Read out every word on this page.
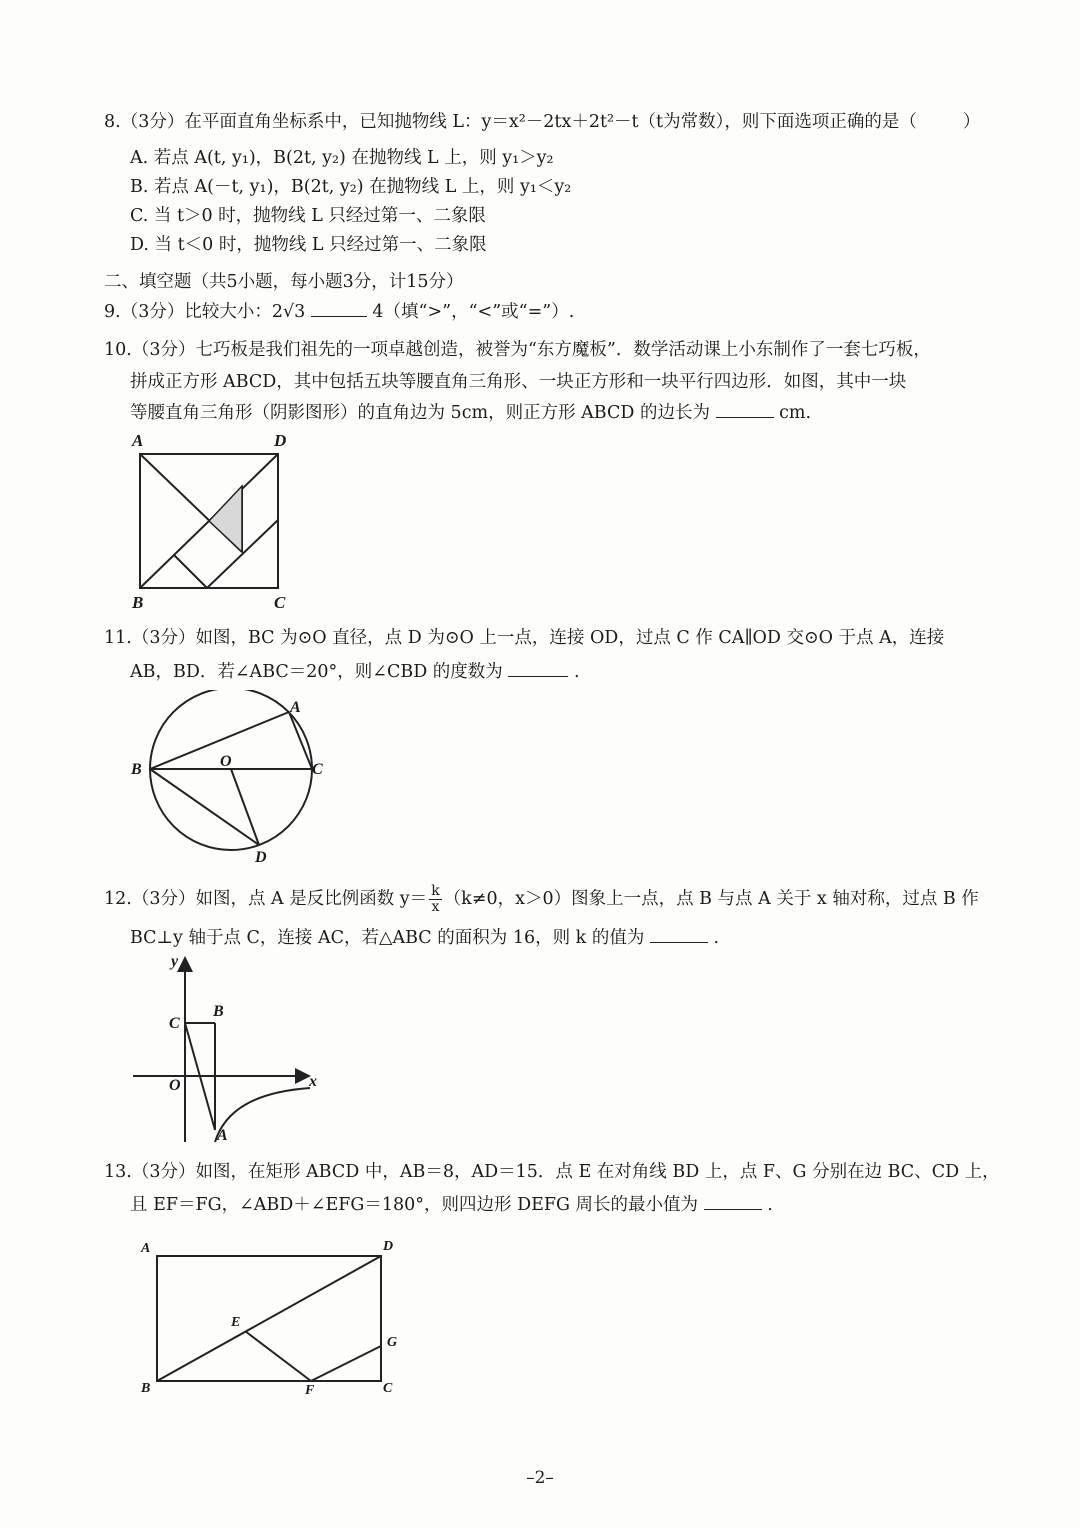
8.（3分）在平面直角坐标系中，已知抛物线 L：y＝x²－2tx＋2t²－t（t为常数），则下面选项正确的是（	）
A. 若点 A(t, y₁)，B(2t, y₂) 在抛物线 L 上，则 y₁＞y₂
B. 若点 A(－t, y₁)，B(2t, y₂) 在抛物线 L 上，则 y₁＜y₂
C. 当 t＞0 时，抛物线 L 只经过第一、二象限
D. 当 t＜0 时，抛物线 L 只经过第一、二象限
二、填空题（共5小题，每小题3分，计15分）
9.（3分）比较大小：2√3	4（填“>”，“<”或“=”）.
10.（3分）七巧板是我们祖先的一项卓越创造，被誉为“东方魔板”．数学活动课上小东制作了一套七巧板，
拼成正方形 ABCD，其中包括五块等腰直角三角形、一块正方形和一块平行四边形．如图，其中一块
等腰直角三角形（阴影图形）的直角边为 5cm，则正方形 ABCD 的边长为	cm.
A	D
B	C
11.（3分）如图，BC 为⊙O 直径，点 D 为⊙O 上一点，连接 OD，过点 C 作 CA∥OD 交⊙O 于点 A，连接
AB，BD．若∠ABC＝20°，则∠CBD 的度数为	.
A
B	O	C
D
12.（3分）如图，点 A 是反比例函数 $y= \frac{k}{x} (k\ne 0$，x＞0）图象上一点，点 B 与点 A 关于 x 轴对称，过点 B 作
BC⊥y 轴于点 C，连接 AC，若△ABC 的面积为 16，则 k 的值为	.
y
x
C
B
O
A
13.（3分）如图，在矩形 ABCD 中，AB＝8，AD＝15．点 E 在对角线 BD 上，点 F、G 分别在边 BC、CD 上，
且 EF＝FG，∠ABD＋∠EFG＝180°，则四边形 DEFG 周长的最小值为	.
A	D
E
G
B	F	C
–2–
